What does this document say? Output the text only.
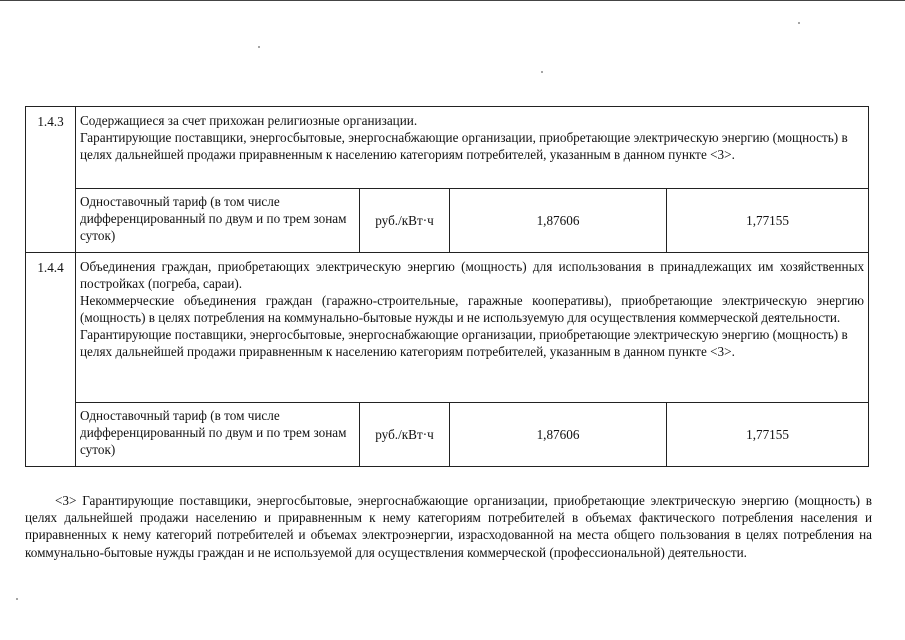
1.4.3	Содержащиеся за счет прихожан религиозные организации.

Гарантирующие поставщики, энергосбытовые, энергоснабжающие организации, приобретающие электрическую энергию (мощность) в целях дальнейшей продажи приравненным к населению категориям потребителей, указанным в данном пункте <3>.			

	Одноставочный тариф (в том числе дифференцированный по двум и по трем зонам суток)	руб./кВт·ч	1,87606	1,77155
1.4.4	Объединения граждан, приобретающих электрическую энергию (мощность) для использования в принадлежащих им хозяйственных постройках (погреба, сараи).

Некоммерческие объединения граждан (гаражно-строительные, гаражные кооперативы), приобретающие электрическую энергию (мощность) в целях потребления на коммунально-бытовые нужды и не используемую для осуществления коммерческой деятельности.

Гарантирующие поставщики, энергосбытовые, энергоснабжающие организации, приобретающие электрическую энергию (мощность) в целях дальнейшей продажи приравненным к населению категориям потребителей, указанным в данном пункте <3>.			

	Одноставочный тариф (в том числе дифференцированный по двум и по трем зонам суток)	руб./кВт·ч	1,87606	1,77155

<3> Гарантирующие поставщики, энергосбытовые, энергоснабжающие организации, приобретающие электрическую энергию (мощность) в целях дальнейшей продажи населению и приравненным к нему категориям потребителей в объемах фактического потребления населения и приравненных к нему категорий потребителей и объемах электроэнергии, израсходованной на места общего пользования в целях потребления на коммунально-бытовые нужды граждан и не используемой для осуществления коммерческой (профессиональной) деятельности.
